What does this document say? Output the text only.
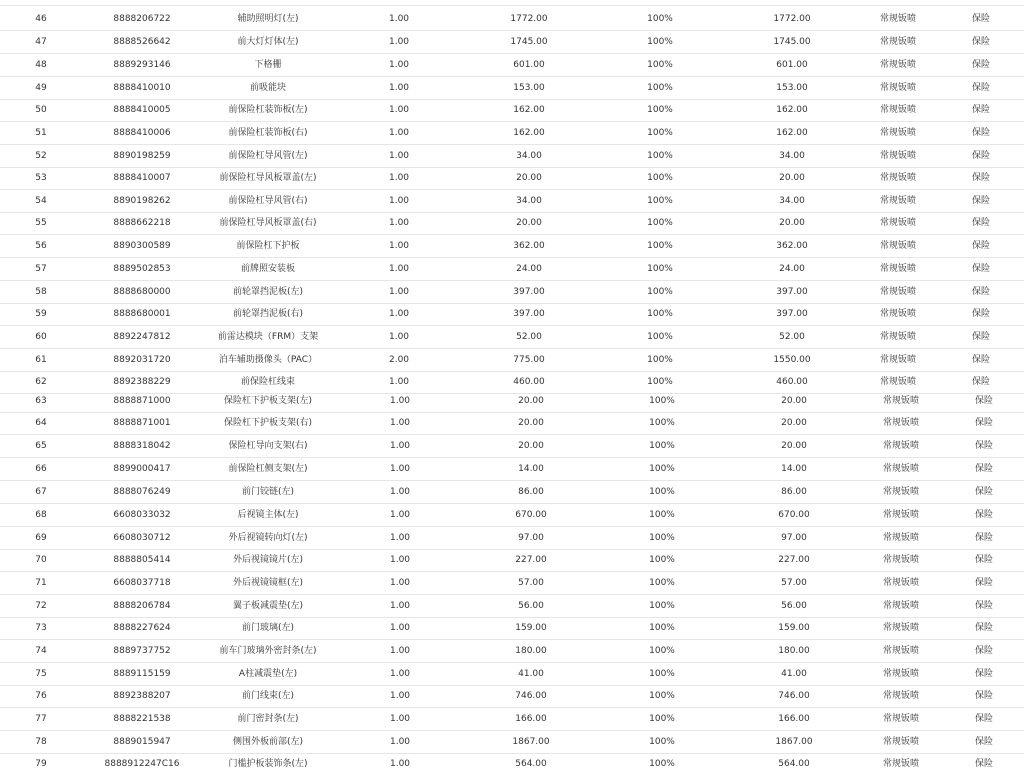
46	8888206722	辅助照明灯(左)	1.00	1772.00	100%	1772.00	常规钣喷	保险
47	8888526642	前大灯灯体(左)	1.00	1745.00	100%	1745.00	常规钣喷	保险
48	8889293146	下格栅	1.00	601.00	100%	601.00	常规钣喷	保险
49	8888410010	前吸能块	1.00	153.00	100%	153.00	常规钣喷	保险
50	8888410005	前保险杠装饰板(左)	1.00	162.00	100%	162.00	常规钣喷	保险
51	8888410006	前保险杠装饰板(右)	1.00	162.00	100%	162.00	常规钣喷	保险
52	8890198259	前保险杠导风管(左)	1.00	34.00	100%	34.00	常规钣喷	保险
53	8888410007	前保险杠导风板罩盖(左)	1.00	20.00	100%	20.00	常规钣喷	保险
54	8890198262	前保险杠导风管(右)	1.00	34.00	100%	34.00	常规钣喷	保险
55	8888662218	前保险杠导风板罩盖(右)	1.00	20.00	100%	20.00	常规钣喷	保险
56	8890300589	前保险杠下护板	1.00	362.00	100%	362.00	常规钣喷	保险
57	8889502853	前牌照安装板	1.00	24.00	100%	24.00	常规钣喷	保险
58	8888680000	前轮罩挡泥板(左)	1.00	397.00	100%	397.00	常规钣喷	保险
59	8888680001	前轮罩挡泥板(右)	1.00	397.00	100%	397.00	常规钣喷	保险
60	8892247812	前雷达模块（FRM）支架	1.00	52.00	100%	52.00	常规钣喷	保险
61	8892031720	泊车辅助摄像头（PAC）	2.00	775.00	100%	1550.00	常规钣喷	保险
62	8892388229	前保险杠线束	1.00	460.00	100%	460.00	常规钣喷	保险
63	8888871000	保险杠下护板支架(左)	1.00	20.00	100%	20.00	常规钣喷	保险
64	8888871001	保险杠下护板支架(右)	1.00	20.00	100%	20.00	常规钣喷	保险
65	8888318042	保险杠导向支架(右)	1.00	20.00	100%	20.00	常规钣喷	保险
66	8899000417	前保险杠侧支架(左)	1.00	14.00	100%	14.00	常规钣喷	保险
67	8888076249	前门铰链(左)	1.00	86.00	100%	86.00	常规钣喷	保险
68	6608033032	后视镜主体(左)	1.00	670.00	100%	670.00	常规钣喷	保险
69	6608030712	外后视镜转向灯(左)	1.00	97.00	100%	97.00	常规钣喷	保险
70	8888805414	外后视镜镜片(左)	1.00	227.00	100%	227.00	常规钣喷	保险
71	6608037718	外后视镜镜框(左)	1.00	57.00	100%	57.00	常规钣喷	保险
72	8888206784	翼子板减震垫(左)	1.00	56.00	100%	56.00	常规钣喷	保险
73	8888227624	前门玻璃(左)	1.00	159.00	100%	159.00	常规钣喷	保险
74	8889737752	前车门玻璃外密封条(左)	1.00	180.00	100%	180.00	常规钣喷	保险
75	8889115159	A柱减震垫(左)	1.00	41.00	100%	41.00	常规钣喷	保险
76	8892388207	前门线束(左)	1.00	746.00	100%	746.00	常规钣喷	保险
77	8888221538	前门密封条(左)	1.00	166.00	100%	166.00	常规钣喷	保险
78	8889015947	侧围外板前部(左)	1.00	1867.00	100%	1867.00	常规钣喷	保险
79	8888912247C16	门槛护板装饰条(左)	1.00	564.00	100%	564.00	常规钣喷	保险
